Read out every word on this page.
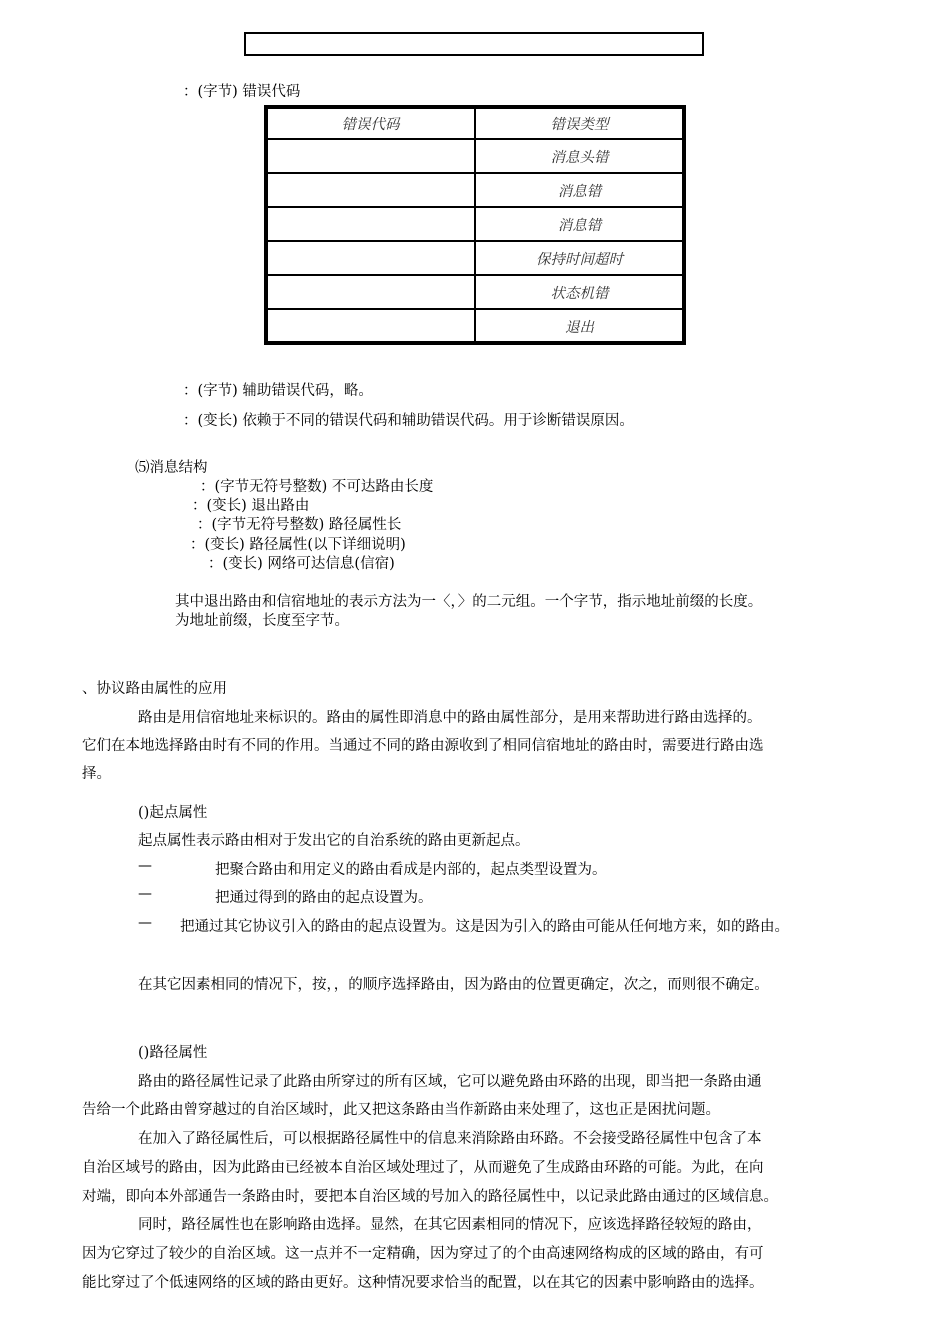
：(字节) 错误代码
错误代码	错误类型
	消息头错
	消息错
	消息错
	保持时间超时
	状态机错
	退出
：(字节) 辅助错误代码，略。
：(变长) 依赖于不同的错误代码和辅助错误代码。用于诊断错误原因。
⑸消息结构
：(字节无符号整数) 不可达路由长度
：(变长) 退出路由
：(字节无符号整数) 路径属性长
：(变长) 路径属性(以下详细说明)
：(变长) 网络可达信息(信宿)
其中退出路由和信宿地址的表示方法为一〈，〉的二元组。一个字节，指示地址前缀的长度。
为地址前缀，长度至字节。
、协议路由属性的应用
路由是用信宿地址来标识的。路由的属性即消息中的路由属性部分，是用来帮助进行路由选择的。
它们在本地选择路由时有不同的作用。当通过不同的路由源收到了相同信宿地址的路由时，需要进行路由选
择。
()起点属性
起点属性表示路由相对于发出它的自治系统的路由更新起点。
—	把聚合路由和用定义的路由看成是内部的，起点类型设置为。
—	把通过得到的路由的起点设置为。
— 把通过其它协议引入的路由的起点设置为。这是因为引入的路由可能从任何地方来，如的路由。
在其它因素相同的情况下，按，，的顺序选择路由，因为路由的位置更确定，次之，而则很不确定。
()路径属性
路由的路径属性记录了此路由所穿过的所有区域，它可以避免路由环路的出现，即当把一条路由通
告给一个此路由曾穿越过的自治区域时，此又把这条路由当作新路由来处理了，这也正是困扰问题。
在加入了路径属性后，可以根据路径属性中的信息来消除路由环路。不会接受路径属性中包含了本
自治区域号的路由，因为此路由已经被本自治区域处理过了，从而避免了生成路由环路的可能。为此，在向
对端，即向本外部通告一条路由时，要把本自治区域的号加入的路径属性中，以记录此路由通过的区域信息。
同时，路径属性也在影响路由选择。显然，在其它因素相同的情况下，应该选择路径较短的路由，
因为它穿过了较少的自治区域。这一点并不一定精确，因为穿过了的个由高速网络构成的区域的路由，有可
能比穿过了个低速网络的区域的路由更好。这种情况要求恰当的配置，以在其它的因素中影响路由的选择。
